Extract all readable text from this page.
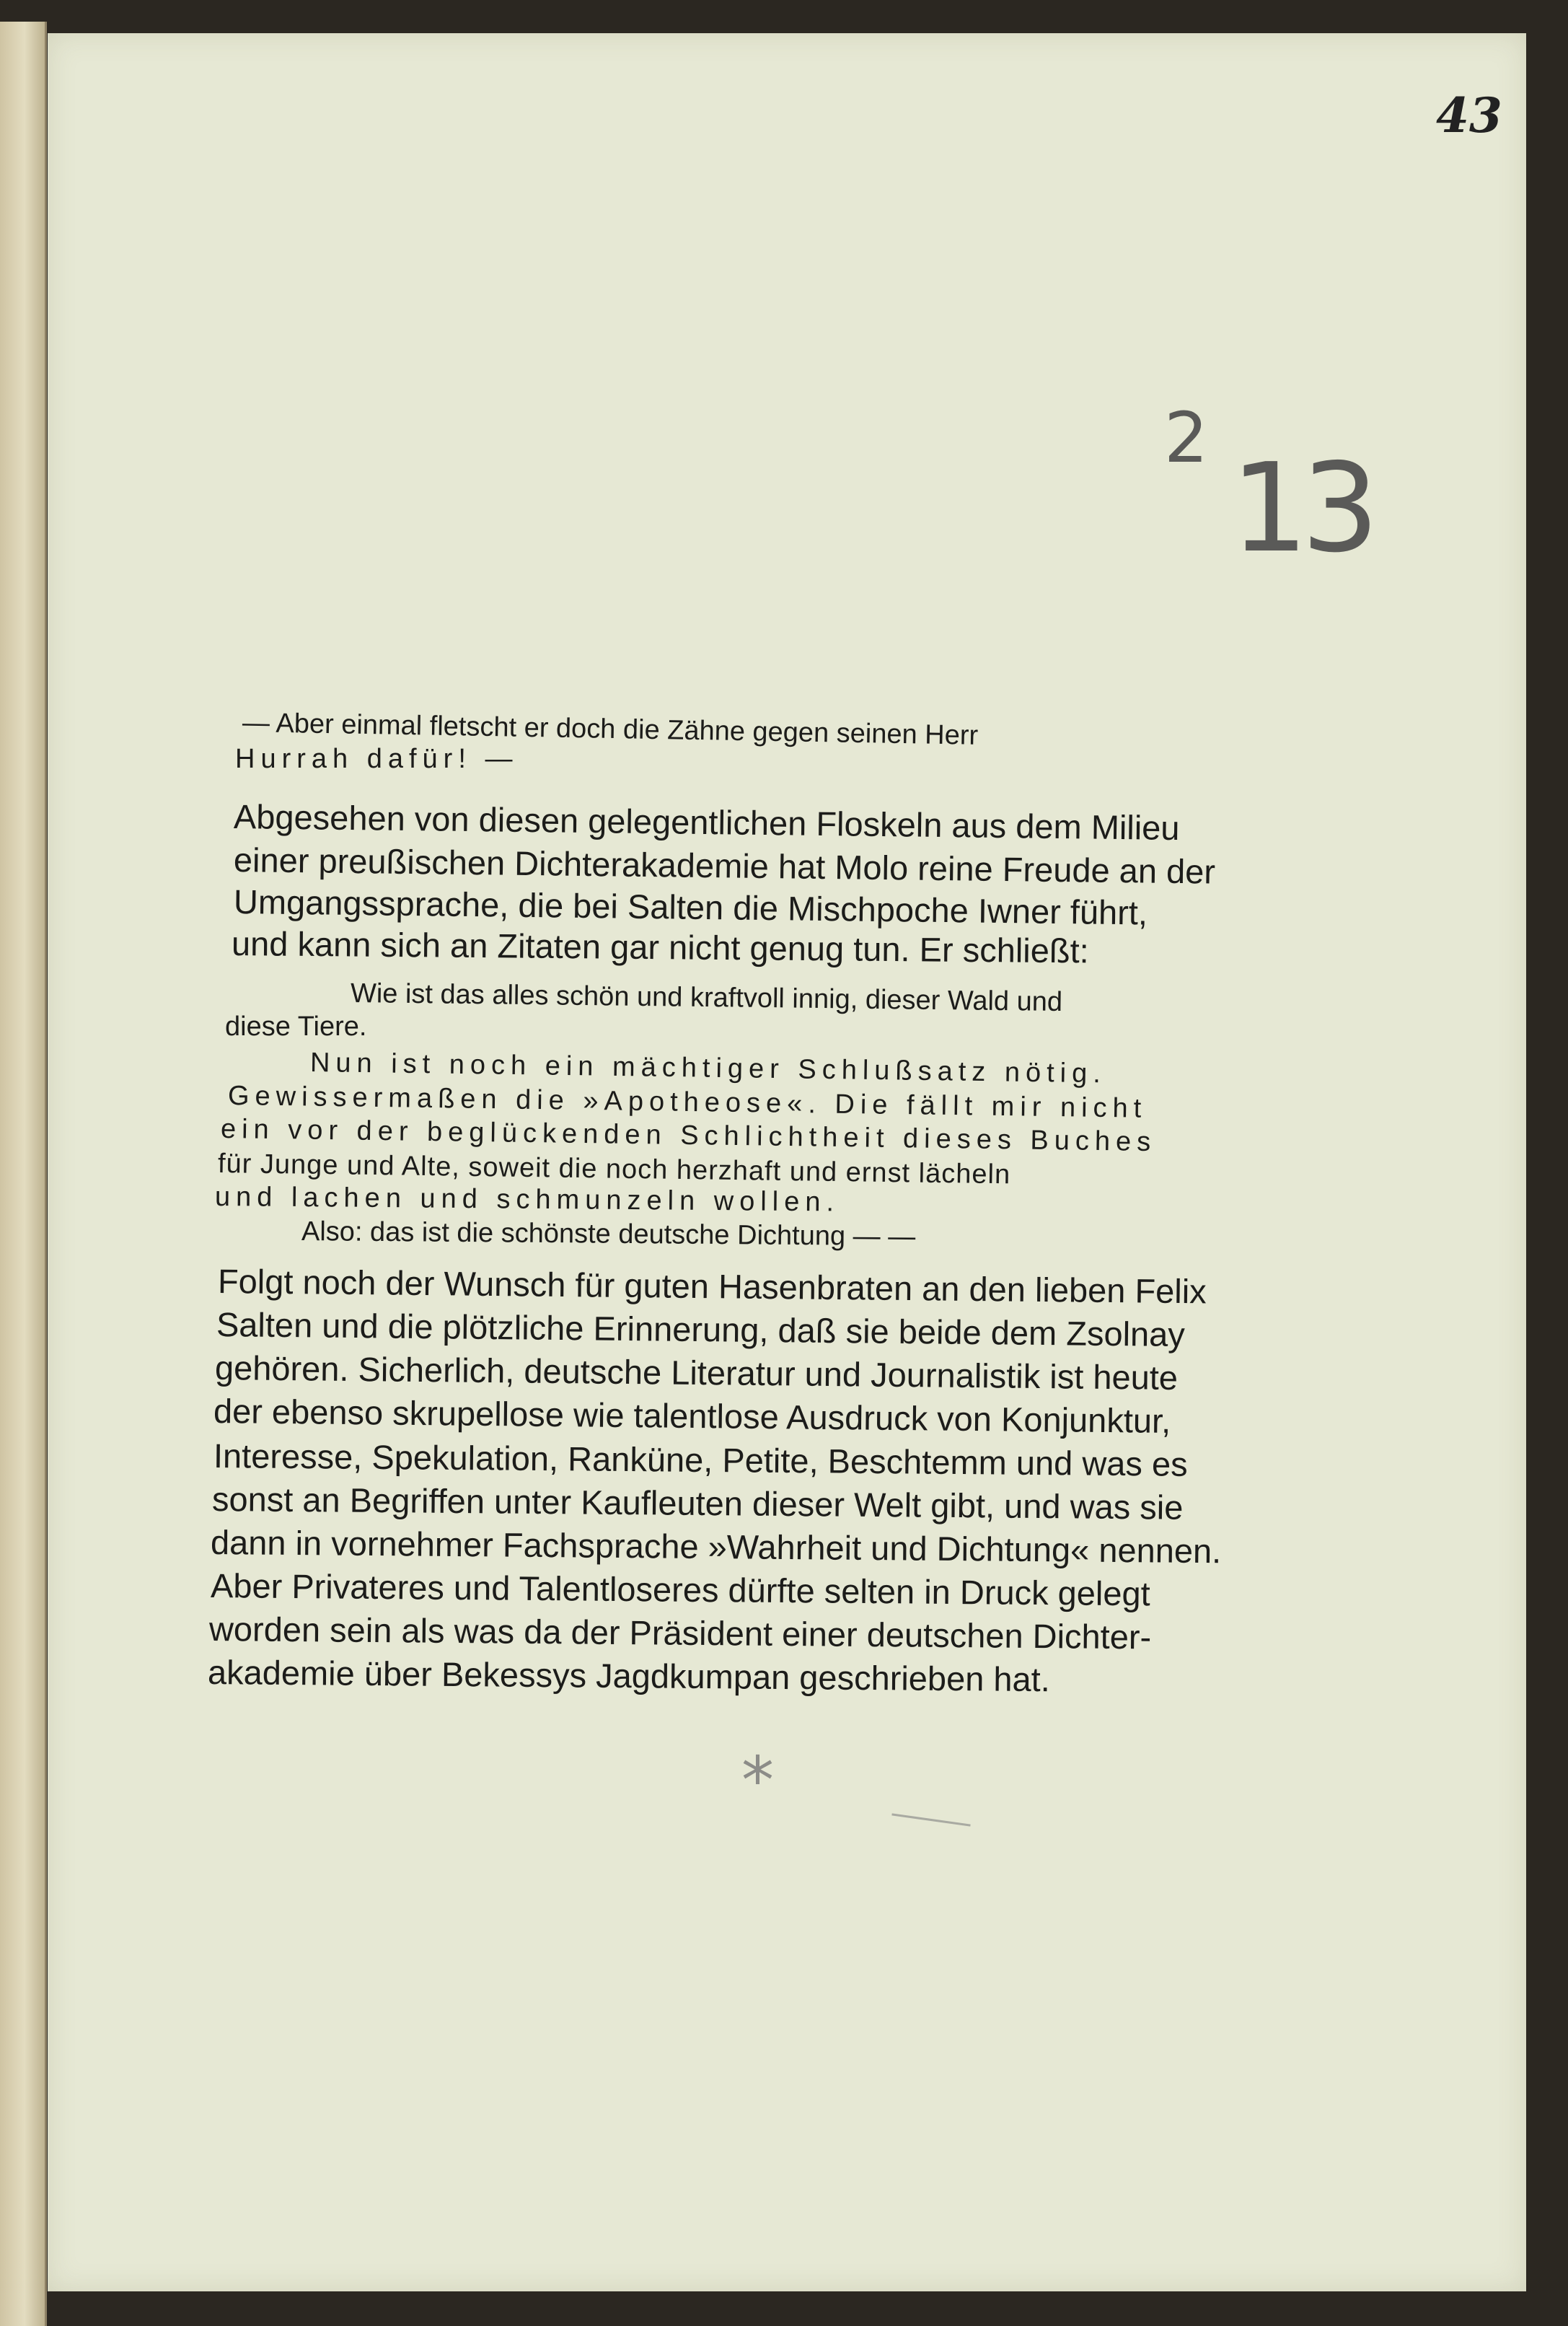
43
2 13

— Aber einmal fletscht er doch die Zähne gegen seinen Herr

Hurrah dafür! —

Abgesehen von diesen gelegentlichen Floskeln aus dem Milieu

einer preußischen Dichterakademie hat Molo reine Freude an der

Umgangssprache, die bei Salten die Mischpoche Iwner führt,

und kann sich an Zitaten gar nicht genug tun. Er schließt:

Wie ist das alles schön und kraftvoll innig, dieser Wald und

diese Tiere.

Nun ist noch ein mächtiger Schlußsatz nötig.

Gewissermaßen die »Apotheose«. Die fällt mir nicht

ein vor der beglückenden Schlichtheit dieses Buches

für Junge und Alte, soweit die noch herzhaft und ernst lächeln

und lachen und schmunzeln wollen.

Also: das ist die schönste deutsche Dichtung — —

Folgt noch der Wunsch für guten Hasenbraten an den lieben Felix

Salten und die plötzliche Erinnerung, daß sie beide dem Zsolnay

gehören. Sicherlich, deutsche Literatur und Journalistik ist heute

der ebenso skrupellose wie talentlose Ausdruck von Konjunktur,

Interesse, Spekulation, Ranküne, Petite, Beschtemm und was es

sonst an Begriffen unter Kaufleuten dieser Welt gibt, und was sie

dann in vornehmer Fachsprache »Wahrheit und Dichtung« nennen.

Aber Privateres und Talentloseres dürfte selten in Druck gelegt

worden sein als was da der Präsident einer deutschen Dichter-

akademie über Bekessys Jagdkumpan geschrieben hat.

*
